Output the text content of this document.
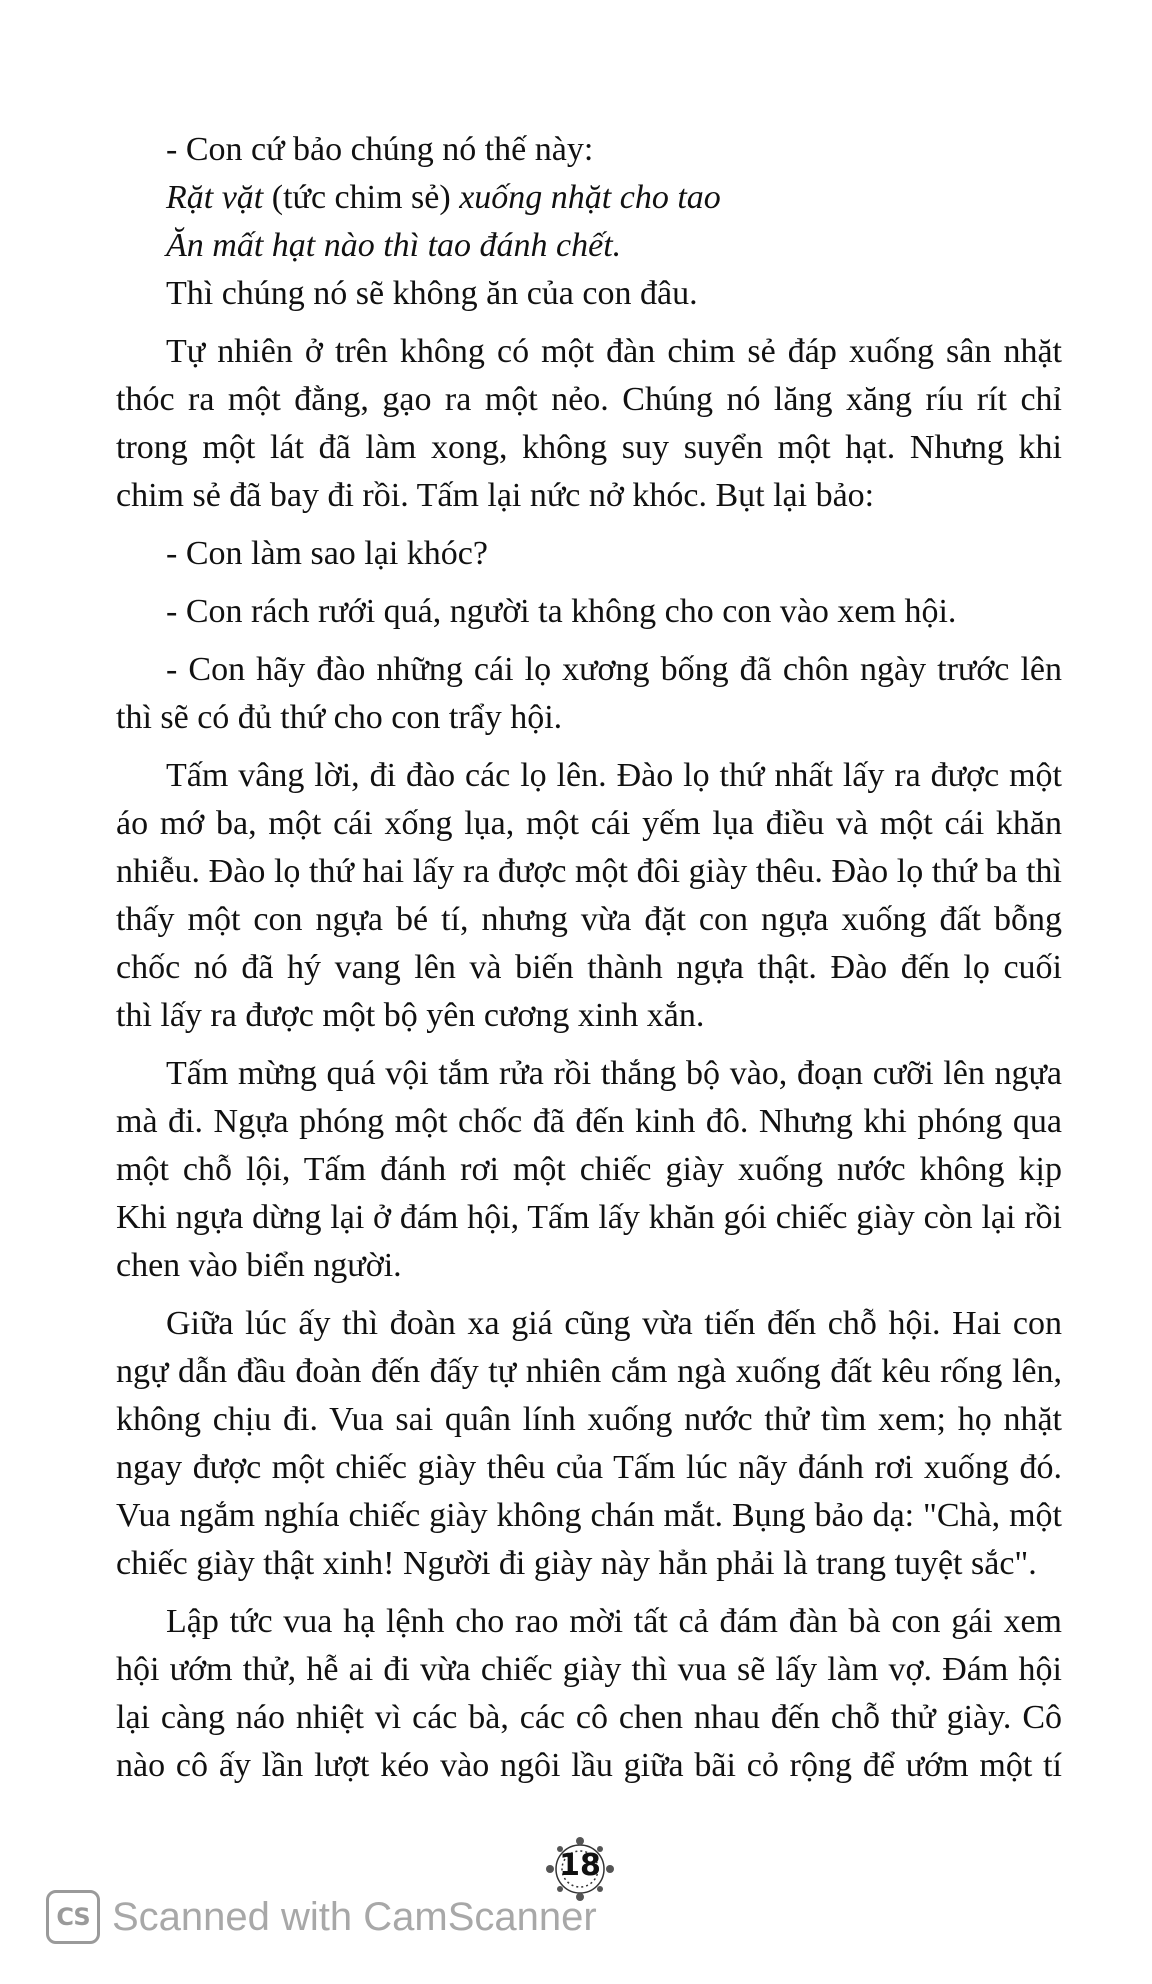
- Con cứ bảo chúng nó thế này:
Rặt vặt (tức chim sẻ) xuống nhặt cho tao
Ăn mất hạt nào thì tao đánh chết.
Thì chúng nó sẽ không ăn của con đâu.
Tự nhiên ở trên không có một đàn chim sẻ đáp xuống sân nhặt
thóc ra một đằng, gạo ra một nẻo. Chúng nó lăng xăng ríu rít chỉ
trong một lát đã làm xong, không suy suyển một hạt. Nhưng khi
chim sẻ đã bay đi rồi. Tấm lại nức nở khóc. Bụt lại bảo:
- Con làm sao lại khóc?
- Con rách rưới quá, người ta không cho con vào xem hội.
- Con hãy đào những cái lọ xương bống đã chôn ngày trước lên
thì sẽ có đủ thứ cho con trẩy hội.
Tấm vâng lời, đi đào các lọ lên. Đào lọ thứ nhất lấy ra được một
áo mớ ba, một cái xống lụa, một cái yếm lụa điều và một cái khăn
nhiễu. Đào lọ thứ hai lấy ra được một đôi giày thêu. Đào lọ thứ ba thì
thấy một con ngựa bé tí, nhưng vừa đặt con ngựa xuống đất bỗng
chốc nó đã hý vang lên và biến thành ngựa thật. Đào đến lọ cuối
thì lấy ra được một bộ yên cương xinh xắn.
Tấm mừng quá vội tắm rửa rồi thắng bộ vào, đoạn cưỡi lên ngựa
mà đi. Ngựa phóng một chốc đã đến kinh đô. Nhưng khi phóng qua
một chỗ lội, Tấm đánh rơi một chiếc giày xuống nước không kịp
Khi ngựa dừng lại ở đám hội, Tấm lấy khăn gói chiếc giày còn lại rồi
chen vào biển người.
Giữa lúc ấy thì đoàn xa giá cũng vừa tiến đến chỗ hội. Hai con
ngự dẫn đầu đoàn đến đấy tự nhiên cắm ngà xuống đất kêu rống lên,
không chịu đi. Vua sai quân lính xuống nước thử tìm xem; họ nhặt
ngay được một chiếc giày thêu của Tấm lúc nãy đánh rơi xuống đó.
Vua ngắm nghía chiếc giày không chán mắt. Bụng bảo dạ: "Chà, một
chiếc giày thật xinh! Người đi giày này hẳn phải là trang tuyệt sắc".
Lập tức vua hạ lệnh cho rao mời tất cả đám đàn bà con gái xem
hội ướm thử, hễ ai đi vừa chiếc giày thì vua sẽ lấy làm vợ. Đám hội
lại càng náo nhiệt vì các bà, các cô chen nhau đến chỗ thử giày. Cô
nào cô ấy lần lượt kéo vào ngôi lầu giữa bãi cỏ rộng để ướm một tí
18
CS Scanned with CamScanner
